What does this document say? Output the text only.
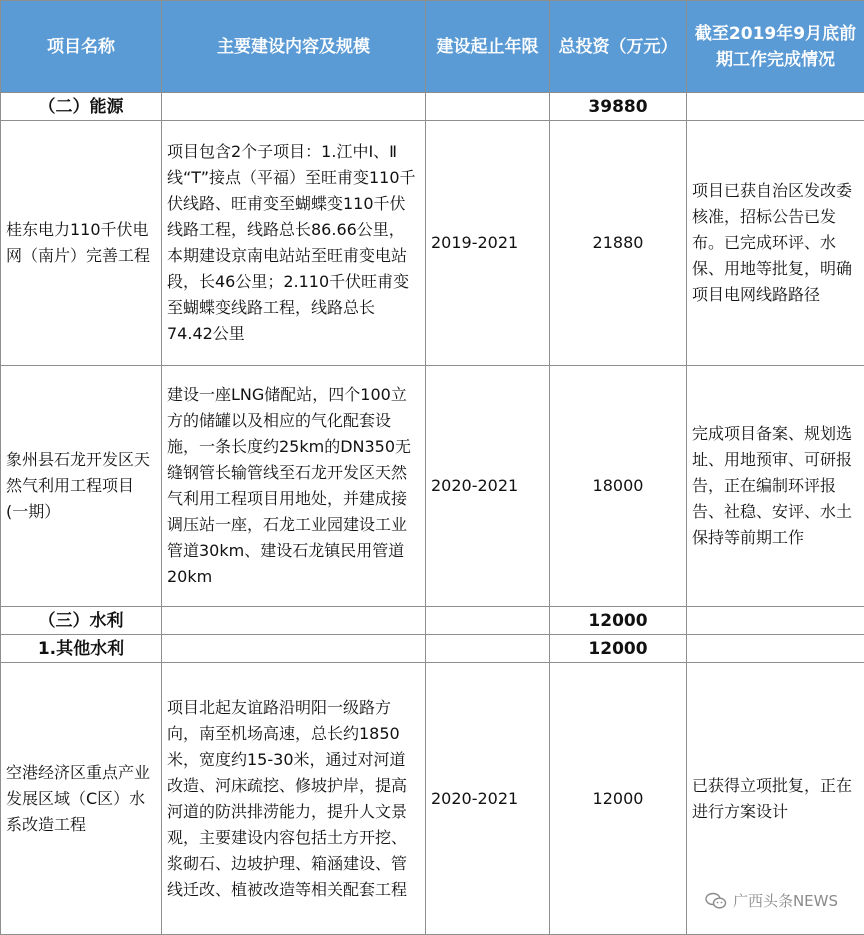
项目名称	主要建设内容及规模	建设起止年限	总投资（万元）	截至2019年9月底前期工作完成情况
（二）能源			39880	
桂东电力110千伏电网（南片）完善工程	项目包含2个子项目：1.江中Ⅰ、Ⅱ线“T”接点（平福）至旺甫变110千伏线路、旺甫变至蝴蝶变110千伏线路工程，线路总长86.66公里，本期建设京南电站站至旺甫变电站段，长46公里；2.110千伏旺甫变至蝴蝶变线路工程，线路总长74.42公里	2019-2021	21880	项目已获自治区发改委核准，招标公告已发布。已完成环评、水保、用地等批复，明确项目电网线路路径
象州县石龙开发区天然气利用工程项目(一期）	建设一座LNG储配站，四个100立方的储罐以及相应的气化配套设施，一条长度约25km的DN350无缝钢管长输管线至石龙开发区天然气利用工程项目用地处，并建成接调压站一座，石龙工业园建设工业管道30km、建设石龙镇民用管道20km	2020-2021	18000	完成项目备案、规划选址、用地预审、可研报告，正在编制环评报告、社稳、安评、水土保持等前期工作
（三）水利			12000	
1.其他水利			12000	
空港经济区重点产业发展区域（C区）水系改造工程	项目北起友谊路沿明阳一级路方向，南至机场高速，总长约1850米，宽度约15-30米，通过对河道改造、河床疏挖、修坡护岸，提高河道的防洪排涝能力，提升人文景观，主要建设内容包括土方开挖、浆砌石、边坡护理、箱涵建设、管线迁改、植被改造等相关配套工程	2020-2021	12000	已获得立项批复，正在进行方案设计
广西头条NEWS
